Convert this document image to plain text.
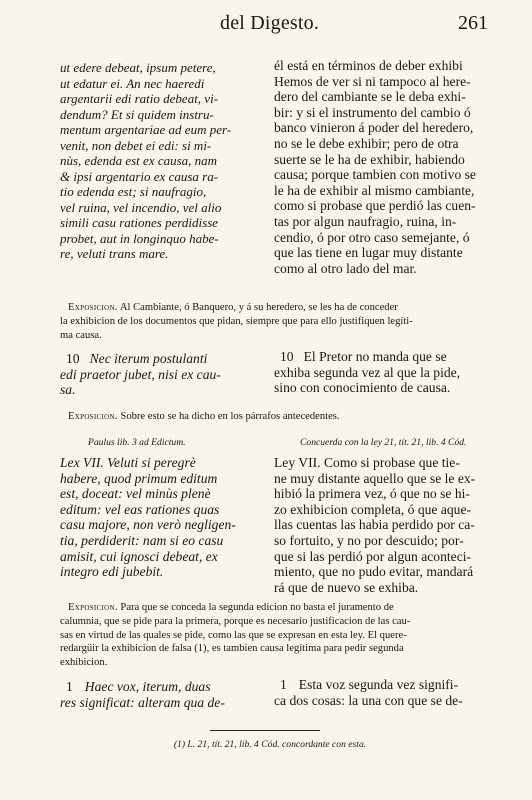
del Digesto.	261
ut edere debeat, ipsum petere,
ut edatur ei. An nec haeredi
argentarii edi ratio debeat, vi-
dendum? Et si quidem instru-
mentum argentariae ad eum per-
venit, non debet ei edi: si mi-
nùs, edenda est ex causa, nam
& ipsi argentario ex causa ra-
tio edenda est; si naufragio,
vel ruina, vel incendio, vel alio
simili casu rationes perdidisse
probet, aut in longinquo habe-
re, veluti trans mare.
él está en términos de deber exhibi
Hemos de ver si ni tampoco al here-
dero del cambiante se le deba exhi-
bir: y si el instrumento del cambio ó
banco vinieron á poder del heredero,
no se le debe exhibir; pero de otra
suerte se le ha de exhibir, habiendo
causa; porque tambien con motivo se
le ha de exhibir al mismo cambiante,
como si probase que perdió las cuen-
tas por algun naufragio, ruina, in-
cendio, ó por otro caso semejante, ó
que las tiene en lugar muy distante
como al otro lado del mar.
Exposicion. Al Cambiante, ó Banquero, y á su heredero, se les ha de conceder
la exhibicion de los documentos que pidan, siempre que para ello justifiquen legíti-
ma causa.
10 Nec iterum postulanti
edi praetor jubet, nisi ex cau-
sa.
10 El Pretor no manda que se
exhiba segunda vez al que la pide,
sino con conocimiento de causa.
Exposicion. Sobre esto se ha dicho en los párrafos antecedentes.
Paulus lib. 3 ad Edictum.	Concuerda con la ley 21, tít. 21, lib. 4 Cód.
Lex VII. Veluti si peregrè
habere, quod primum editum
est, doceat: vel minùs plenè
editum: vel eas rationes quas
casu majore, non verò negligen-
tia, perdiderit: nam si eo casu
amisit, cui ignosci debeat, ex
integro edi jubebit.
Ley VII. Como si probase que tie-
ne muy distante aquello que se le ex-
hibió la primera vez, ó que no se hi-
zo exhibicion completa, ó que aque-
llas cuentas las habia perdido por ca-
so fortuito, y no por descuido; por-
que si las perdió por algun aconteci-
miento, que no pudo evitar, mandará
rá que de nuevo se exhiba.
Exposicion. Para que se conceda la segunda edicion no basta el juramento de
calumnia, que se pide para la primera, porque es necesario justificacion de las cau-
sas en virtud de las quales se pide, como las que se expresan en esta ley. El quere-
redargüir la exhibicion de falsa (1), es tambien causa legítima para pedir segunda
exhibicion.
1 Haec vox, iterum, duas
res significat: alteram qua de-
1 Esta voz segunda vez signifi-
ca dos cosas: la una con que se de-
(1) L. 21, tít. 21, lib. 4 Cód. concordante con esta.
